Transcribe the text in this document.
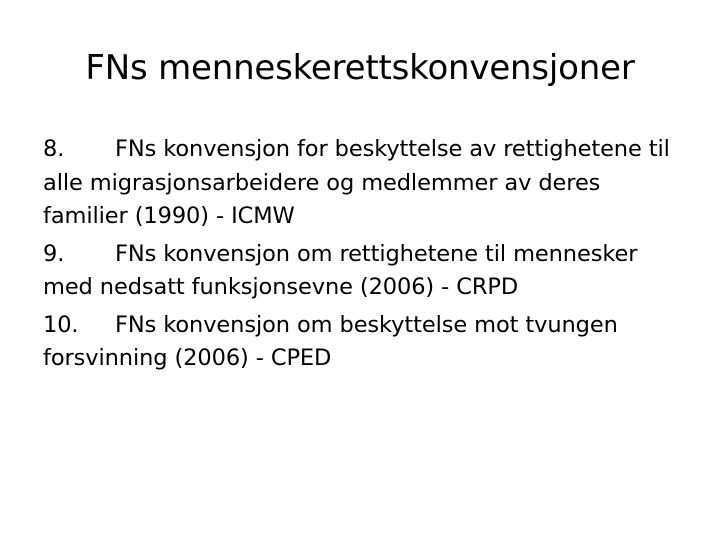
FNs menneskerettskonvensjoner

8. FNs konvensjon for beskyttelse av rettighetene til alle migrasjonsarbeidere og medlemmer av deres familier (1990) - ICMW

9. FNs konvensjon om rettighetene til mennesker med nedsatt funksjonsevne (2006) - CRPD

10. FNs konvensjon om beskyttelse mot tvungen forsvinning (2006) - CPED
